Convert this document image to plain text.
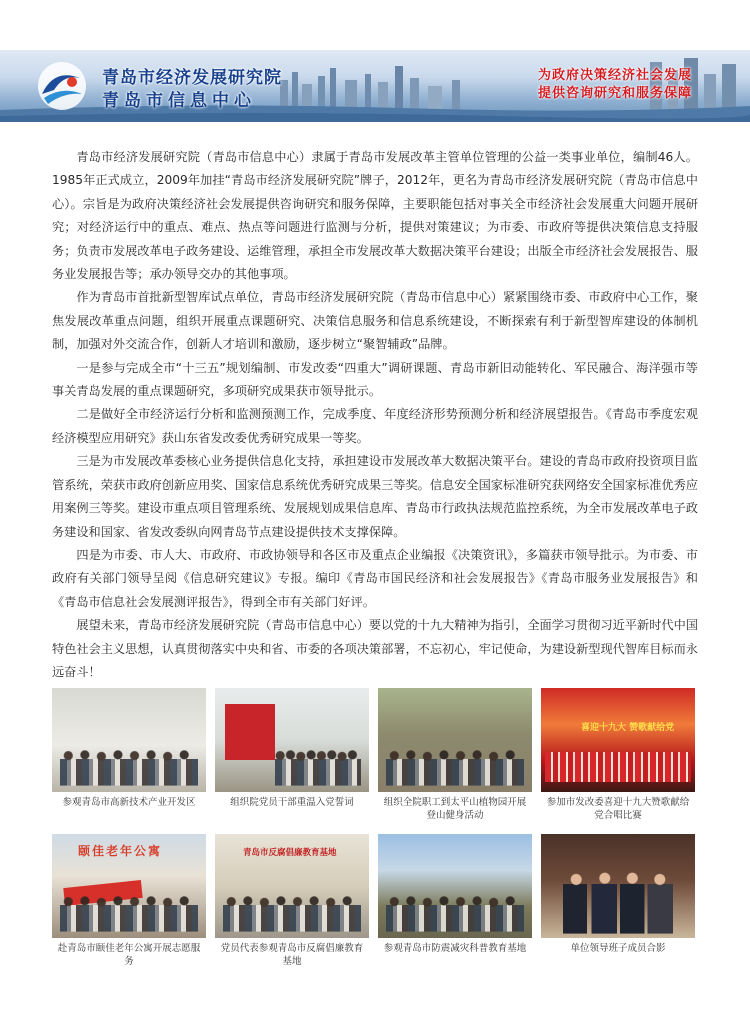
青岛市经济发展研究院
青岛市信息中心
为政府决策经济社会发展
提供咨询研究和服务保障

青岛市经济发展研究院（青岛市信息中心）隶属于青岛市发展改革主管单位管理的公益一类事业单位，编制46人。1985年正式成立，2009年加挂“青岛市经济发展研究院”牌子，2012年，更名为青岛市经济发展研究院（青岛市信息中心）。宗旨是为政府决策经济社会发展提供咨询研究和服务保障，主要职能包括对事关全市经济社会发展重大问题开展研究；对经济运行中的重点、难点、热点等问题进行监测与分析，提供对策建议；为市委、市政府等提供决策信息支持服务；负责市发展改革电子政务建设、运维管理，承担全市发展改革大数据决策平台建设；出版全市经济社会发展报告、服务业发展报告等；承办领导交办的其他事项。

作为青岛市首批新型智库试点单位，青岛市经济发展研究院（青岛市信息中心）紧紧围绕市委、市政府中心工作，聚焦发展改革重点问题，组织开展重点课题研究、决策信息服务和信息系统建设，不断探索有利于新型智库建设的体制机制，加强对外交流合作，创新人才培训和激励，逐步树立“聚智辅政”品牌。

一是参与完成全市“十三五”规划编制、市发改委“四重大”调研课题、青岛市新旧动能转化、军民融合、海洋强市等事关青岛发展的重点课题研究，多项研究成果获市领导批示。

二是做好全市经济运行分析和监测预测工作，完成季度、年度经济形势预测分析和经济展望报告。《青岛市季度宏观经济模型应用研究》获山东省发改委优秀研究成果一等奖。

三是为市发展改革委核心业务提供信息化支持，承担建设市发展改革大数据决策平台。建设的青岛市政府投资项目监管系统，荣获市政府创新应用奖、国家信息系统优秀研究成果三等奖。信息安全国家标准研究获网络安全国家标准优秀应用案例三等奖。建设市重点项目管理系统、发展规划成果信息库、青岛市行政执法规范监控系统，为全市发展改革电子政务建设和国家、省发改委纵向网青岛节点建设提供技术支撑保障。

四是为市委、市人大、市政府、市政协领导和各区市及重点企业编报《决策资讯》，多篇获市领导批示。为市委、市政府有关部门领导呈阅《信息研究建议》专报。编印《青岛市国民经济和社会发展报告》《青岛市服务业发展报告》和《青岛市信息社会发展测评报告》，得到全市有关部门好评。

展望未来，青岛市经济发展研究院（青岛市信息中心）要以党的十九大精神为指引，全面学习贯彻习近平新时代中国特色社会主义思想，认真贯彻落实中央和省、市委的各项决策部署，不忘初心，牢记使命，为建设新型现代智库目标而永远奋斗！

参观青岛市高新技术产业开发区	组织院党员干部重温入党誓词	组织全院职工到太平山植物园开展登山健身活动
喜迎十九大 赞歌献给党
参加市发改委喜迎十九大赞歌献给党合唱比赛
颐佳老年公寓
赴青岛市颐佳老年公寓开展志愿服务
青岛市反腐倡廉教育基地
党员代表参观青岛市反腐倡廉教育基地
参观青岛市防震减灾科普教育基地	单位领导班子成员合影
